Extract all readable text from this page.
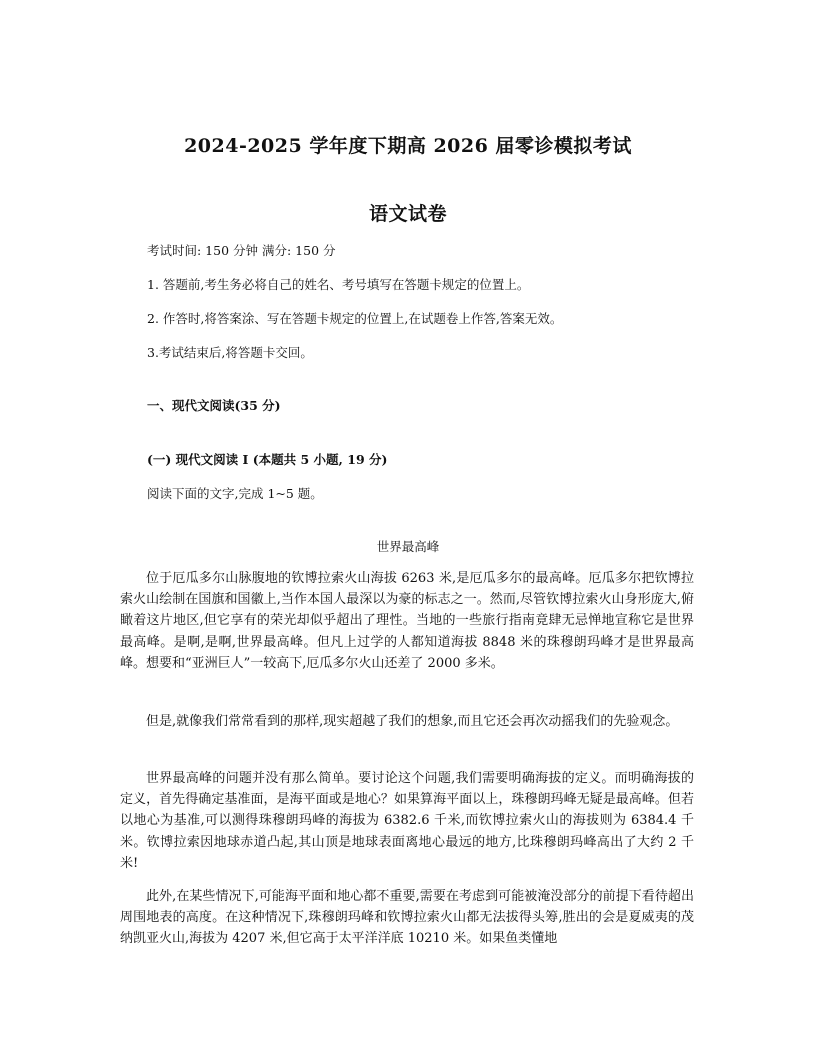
2024-2025 学年度下期高 2026 届零诊模拟考试
语文试卷

考试时间: 150 分钟 满分: 150 分

1. 答题前,考生务必将自己的姓名、考号填写在答题卡规定的位置上。

2. 作答时,将答案涂、写在答题卡规定的位置上,在试题卷上作答,答案无效。

3.考试结束后,将答题卡交回。

一、现代文阅读(35 分)

(一) 现代文阅读 I (本题共 5 小题, 19 分)

阅读下面的文字,完成 1~5 题。

世界最高峰

位于厄瓜多尔山脉腹地的钦博拉索火山海拔 6263 米,是厄瓜多尔的最高峰。厄瓜多尔把钦博拉索火山绘制在国旗和国徽上,当作本国人最深以为豪的标志之一。然而,尽管钦博拉索火山身形庞大,俯瞰着这片地区,但它享有的荣光却似乎超出了理性。当地的一些旅行指南竟肆无忌惮地宣称它是世界最高峰。是啊,是啊,世界最高峰。但凡上过学的人都知道海拔 8848 米的珠穆朗玛峰才是世界最高峰。想要和“亚洲巨人”一较高下,厄瓜多尔火山还差了 2000 多米。

但是,就像我们常常看到的那样,现实超越了我们的想象,而且它还会再次动摇我们的先验观念。

世界最高峰的问题并没有那么简单。要讨论这个问题,我们需要明确海拔的定义。而明确海拔的定义，首先得确定基准面，是海平面或是地心？如果算海平面以上，珠穆朗玛峰无疑是最高峰。但若以地心为基准,可以测得珠穆朗玛峰的海拔为 6382.6 千米,而钦博拉索火山的海拔则为 6384.4 千米。钦博拉索因地球赤道凸起,其山顶是地球表面离地心最远的地方,比珠穆朗玛峰高出了大约 2 千米!

此外,在某些情况下,可能海平面和地心都不重要,需要在考虑到可能被淹没部分的前提下看待超出周围地表的高度。在这种情况下,珠穆朗玛峰和钦博拉索火山都无法拔得头筹,胜出的会是夏威夷的茂纳凯亚火山,海拔为 4207 米,但它高于太平洋洋底 10210 米。如果鱼类懂地
